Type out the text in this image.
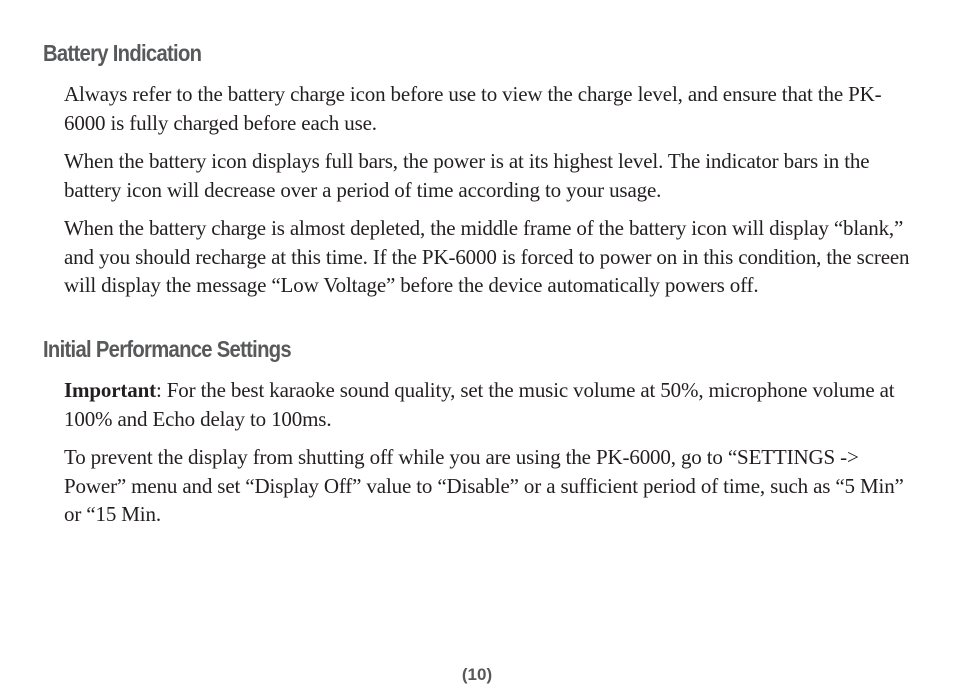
Battery Indication

Always refer to the battery charge icon before use to view the charge level, and ensure that the PK-6000 is fully charged before each use.

When the battery icon displays full bars, the power is at its highest level. The indicator bars in the battery icon will decrease over a period of time according to your usage.

When the battery charge is almost depleted, the middle frame of the battery icon will display “blank,” and you should recharge at this time. If the PK-6000 is forced to power on in this condition, the screen will display the message “Low Voltage” before the device automatically powers off.

Initial Performance Settings

Important: For the best karaoke sound quality, set the music volume at 50%, microphone volume at 100% and Echo delay to 100ms.

To prevent the display from shutting off while you are using the PK-6000, go to “SETTINGS -> Power” menu and set “Display Off” value to “Disable” or a sufficient period of time, such as “5 Min” or “15 Min.

(10)
